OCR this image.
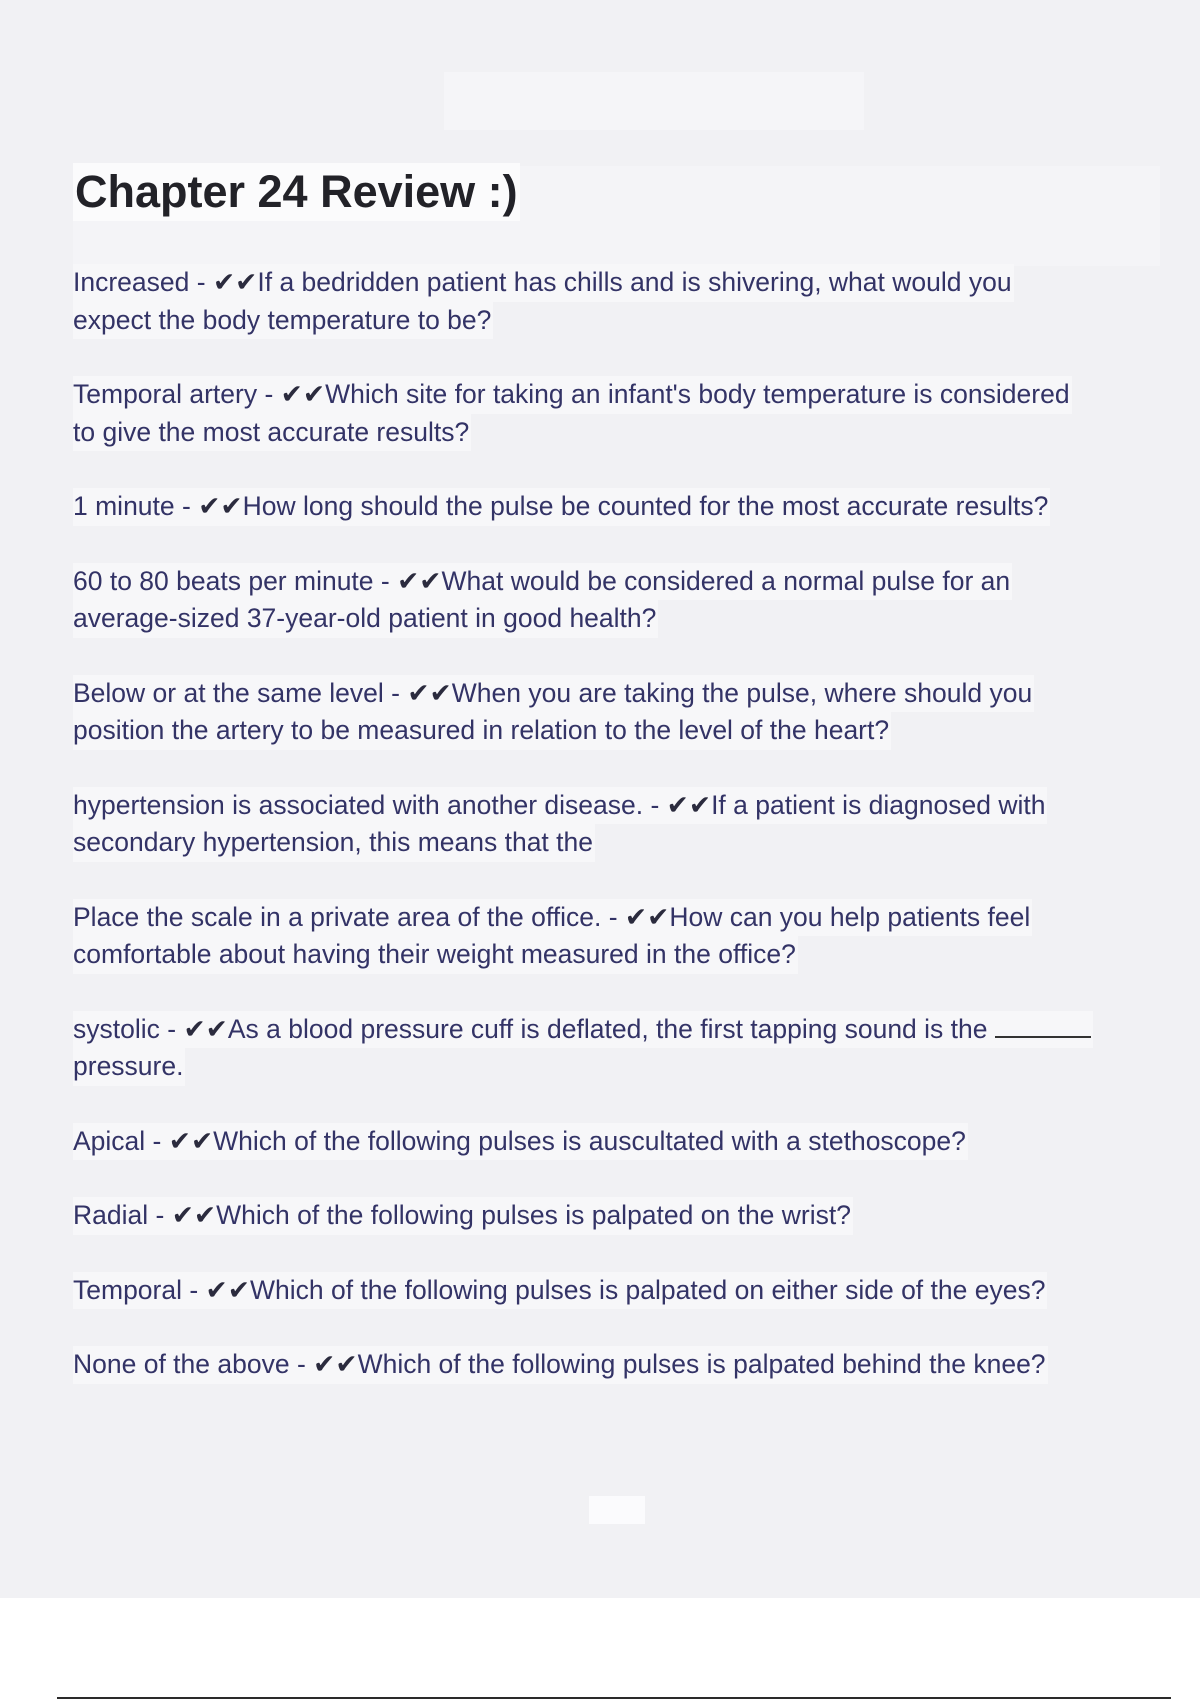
Chapter 24 Review :)
Increased - ✔✔If a bedridden patient has chills and is shivering, what would you
expect the body temperature to be?
Temporal artery - ✔✔Which site for taking an infant's body temperature is considered
to give the most accurate results?
1 minute - ✔✔How long should the pulse be counted for the most accurate results?
60 to 80 beats per minute - ✔✔What would be considered a normal pulse for an
average-sized 37-year-old patient in good health?
Below or at the same level - ✔✔When you are taking the pulse, where should you
position the artery to be measured in relation to the level of the heart?
hypertension is associated with another disease. - ✔✔If a patient is diagnosed with
secondary hypertension, this means that the
Place the scale in a private area of the office. - ✔✔How can you help patients feel
comfortable about having their weight measured in the office?
systolic - ✔✔As a blood pressure cuff is deflated, the first tapping sound is the
pressure.
Apical - ✔✔Which of the following pulses is auscultated with a stethoscope?
Radial - ✔✔Which of the following pulses is palpated on the wrist?
Temporal - ✔✔Which of the following pulses is palpated on either side of the eyes?
None of the above - ✔✔Which of the following pulses is palpated behind the knee?
